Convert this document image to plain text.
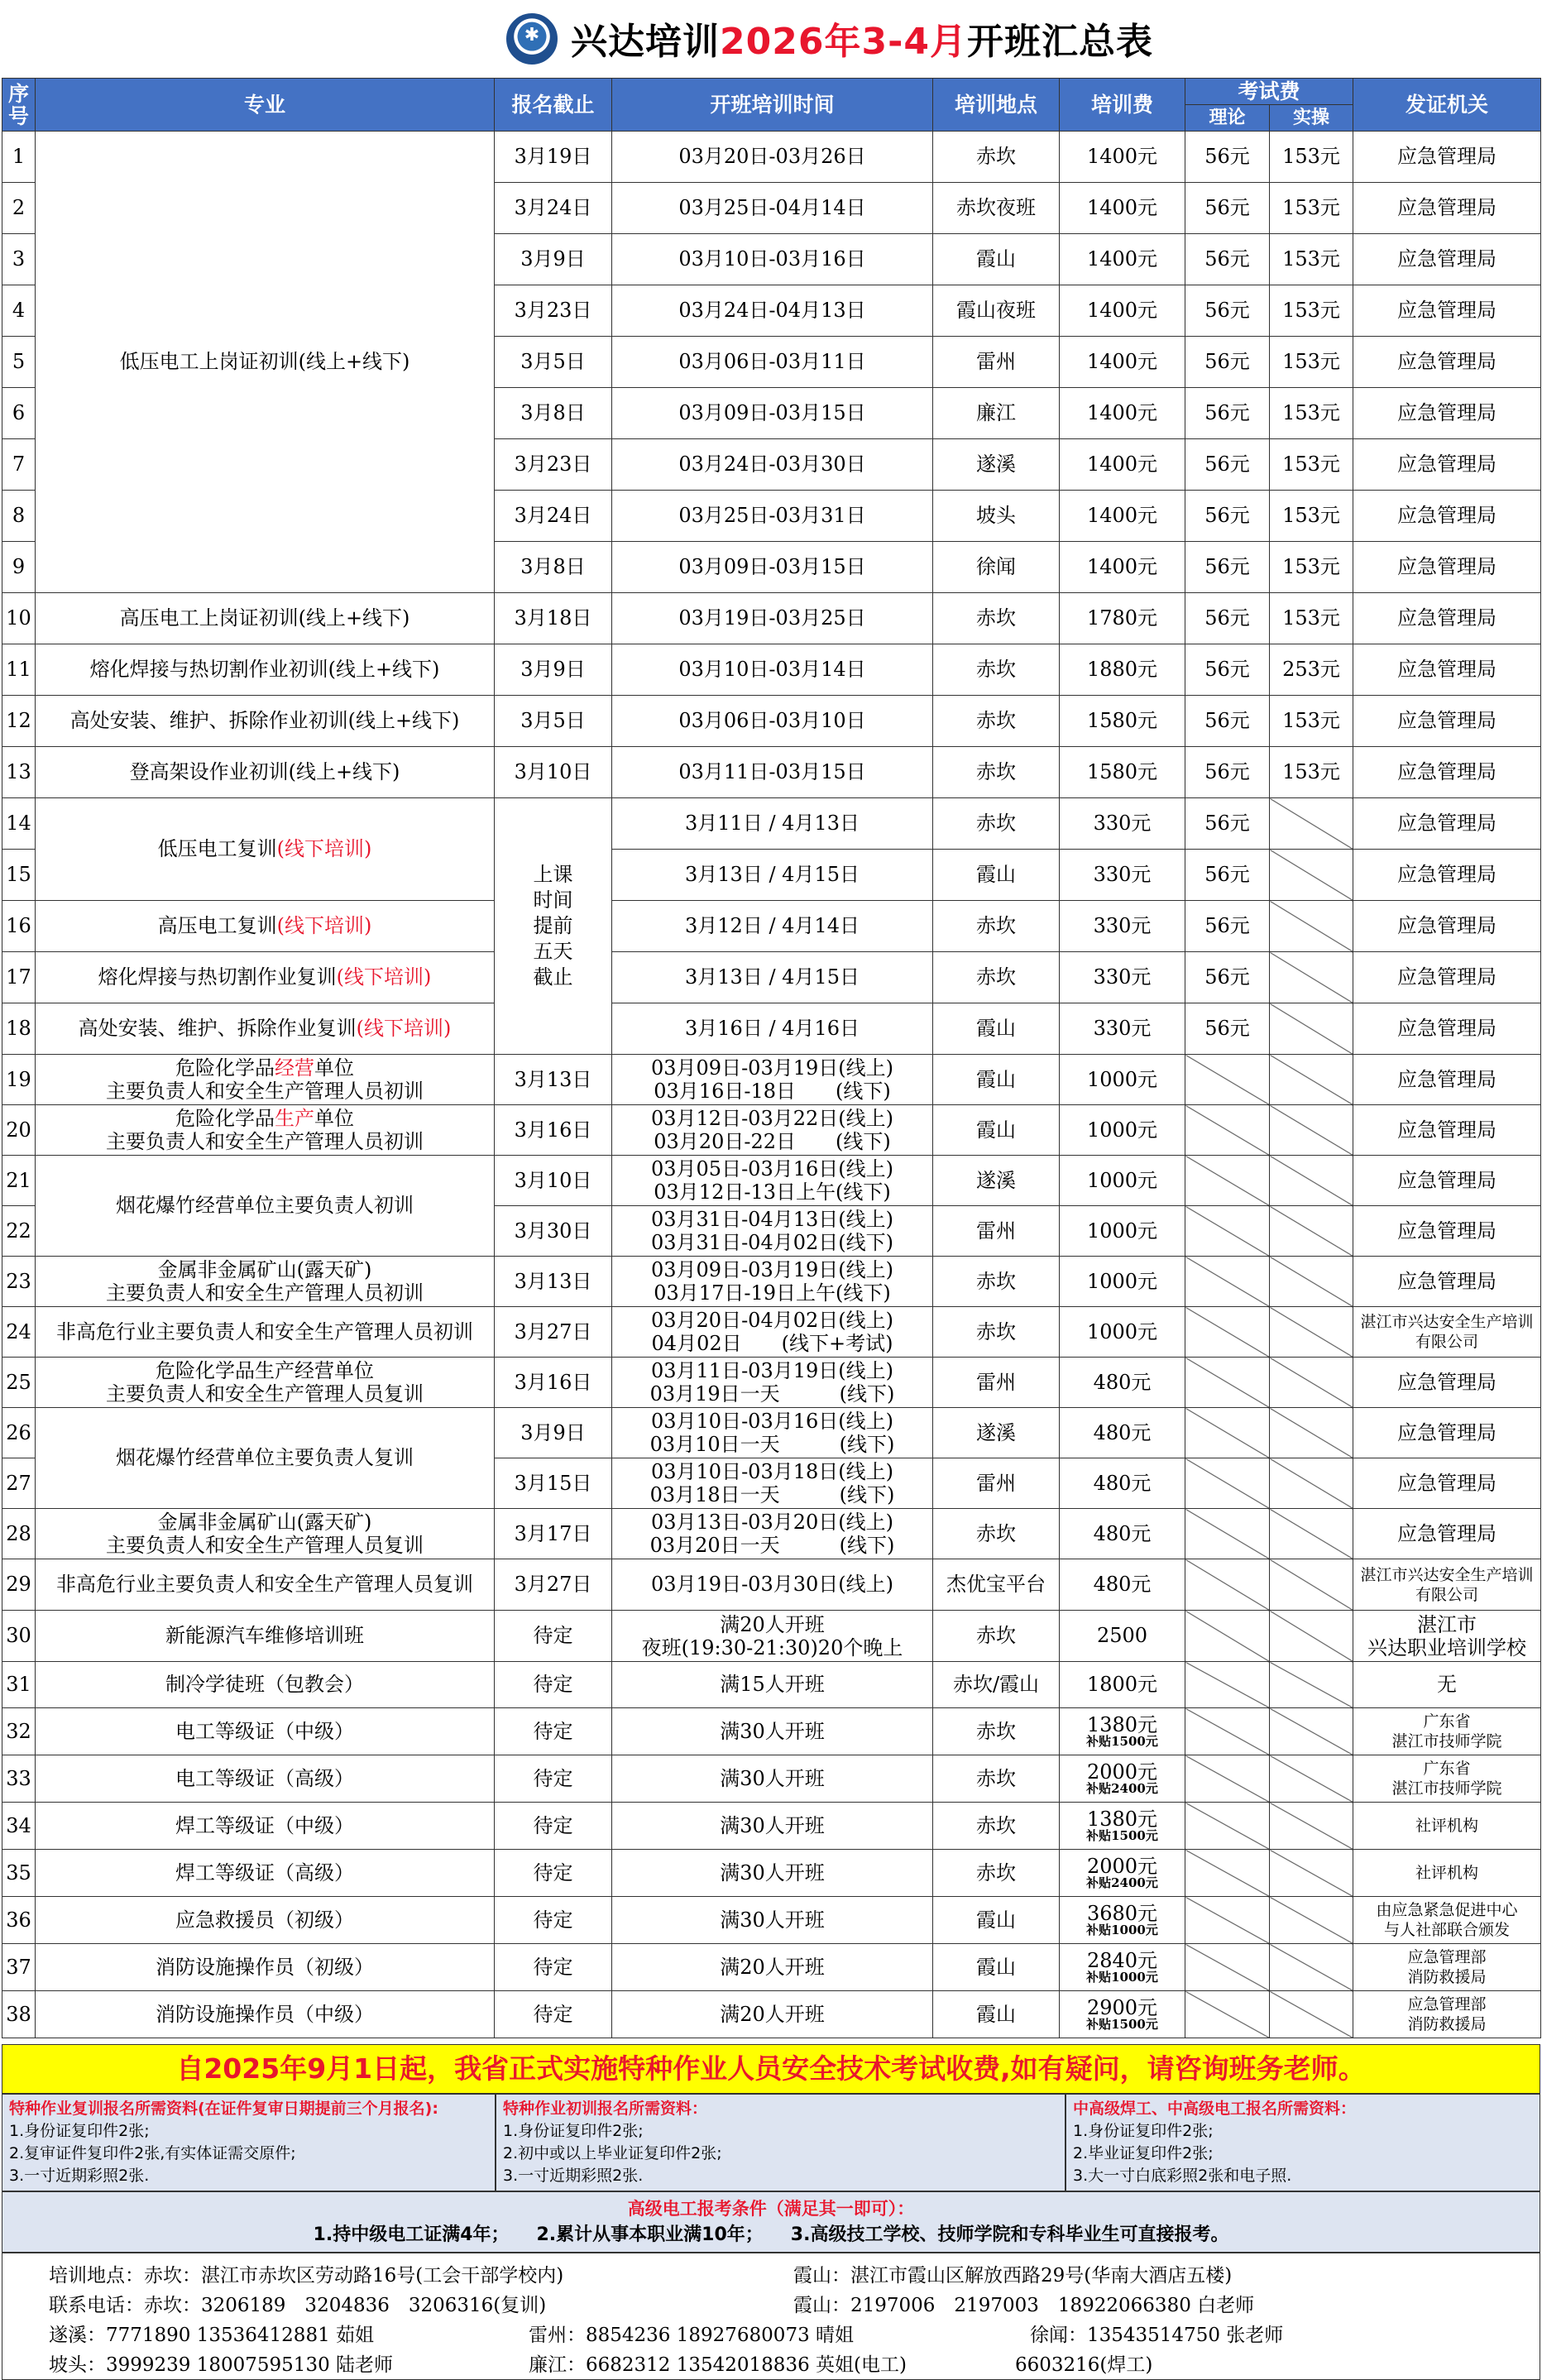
✱
兴达培训2026年3-4月开班汇总表
序号	专业	报名截止	开班培训时间	培训地点	培训费	考试费		发证机关
						理论	实操	
1	低压电工上岗证初训(线上+线下)	3月19日	03月20日-03月26日	赤坎	1400元	56元	153元	应急管理局
2		3月24日	03月25日-04月14日	赤坎夜班	1400元	56元	153元	应急管理局
3		3月9日	03月10日-03月16日	霞山	1400元	56元	153元	应急管理局
4		3月23日	03月24日-04月13日	霞山夜班	1400元	56元	153元	应急管理局
5		3月5日	03月06日-03月11日	雷州	1400元	56元	153元	应急管理局
6		3月8日	03月09日-03月15日	廉江	1400元	56元	153元	应急管理局
7		3月23日	03月24日-03月30日	遂溪	1400元	56元	153元	应急管理局
8		3月24日	03月25日-03月31日	坡头	1400元	56元	153元	应急管理局
9		3月8日	03月09日-03月15日	徐闻	1400元	56元	153元	应急管理局
10	高压电工上岗证初训(线上+线下)	3月18日	03月19日-03月25日	赤坎	1780元	56元	153元	应急管理局
11	熔化焊接与热切割作业初训(线上+线下)	3月9日	03月10日-03月14日	赤坎	1880元	56元	253元	应急管理局
12	高处安装、维护、拆除作业初训(线上+线下)	3月5日	03月06日-03月10日	赤坎	1580元	56元	153元	应急管理局
13	登高架设作业初训(线上+线下)	3月10日	03月11日-03月15日	赤坎	1580元	56元	153元	应急管理局
14	低压电工复训(线下培训)	上课
时间
提前
五天
截止	3月11日 / 4月13日	赤坎	330元	56元		应急管理局
15			3月13日 / 4月15日	霞山	330元	56元		应急管理局
16	高压电工复训(线下培训)		3月12日 / 4月14日	赤坎	330元	56元		应急管理局
17	熔化焊接与热切割作业复训(线下培训)		3月13日 / 4月15日	赤坎	330元	56元		应急管理局
18	高处安装、维护、拆除作业复训(线下培训)		3月16日 / 4月16日	霞山	330元	56元		应急管理局
19	危险化学品经营单位
主要负责人和安全生产管理人员初训	3月13日	03月09日-03月19日(线上)
03月16日-18日　　(线下)	霞山	1000元			应急管理局
20	危险化学品生产单位
主要负责人和安全生产管理人员初训	3月16日	03月12日-03月22日(线上)
03月20日-22日　　(线下)	霞山	1000元			应急管理局
21	烟花爆竹经营单位主要负责人初训	3月10日	03月05日-03月16日(线上)
03月12日-13日上午(线下)	遂溪	1000元			应急管理局
22		3月30日	03月31日-04月13日(线上)
03月31日-04月02日(线下)	雷州	1000元			应急管理局
23	金属非金属矿山(露天矿)
主要负责人和安全生产管理人员初训	3月13日	03月09日-03月19日(线上)
03月17日-19日上午(线下)	赤坎	1000元			应急管理局
24	非高危行业主要负责人和安全生产管理人员初训	3月27日	03月20日-04月02日(线上)
04月02日　　(线下+考试)	赤坎	1000元			湛江市兴达安全生产培训有限公司
25	危险化学品生产经营单位
主要负责人和安全生产管理人员复训	3月16日	03月11日-03月19日(线上)
03月19日一天　　　(线下)	雷州	480元			应急管理局
26	烟花爆竹经营单位主要负责人复训	3月9日	03月10日-03月16日(线上)
03月10日一天　　　(线下)	遂溪	480元			应急管理局
27		3月15日	03月10日-03月18日(线上)
03月18日一天　　　(线下)	雷州	480元			应急管理局
28	金属非金属矿山(露天矿)
主要负责人和安全生产管理人员复训	3月17日	03月13日-03月20日(线上)
03月20日一天　　　(线下)	赤坎	480元			应急管理局
29	非高危行业主要负责人和安全生产管理人员复训	3月27日	03月19日-03月30日(线上)	杰优宝平台	480元			湛江市兴达安全生产培训有限公司
30	新能源汽车维修培训班	待定	满20人开班
夜班(19:30-21:30)20个晚上	赤坎	2500			湛江市
兴达职业培训学校

31	制冷学徒班（包教会）	待定	满15人开班	赤坎/霞山	1800元			无
32	电工等级证（中级）	待定	满30人开班	赤坎	1380元
补贴1500元			广东省
湛江市技师学院

33	电工等级证（高级）	待定	满30人开班	赤坎	2000元
补贴2400元			广东省
湛江市技师学院

34	焊工等级证（中级）	待定	满30人开班	赤坎	1380元
补贴1500元			社评机构
35	焊工等级证（高级）	待定	满30人开班	赤坎	2000元
补贴2400元			社评机构
36	应急救援员（初级）	待定	满30人开班	霞山	3680元
补贴1000元			由应急紧急促进中心
与人社部联合颁发

37	消防设施操作员（初级）	待定	满20人开班	霞山	2840元
补贴1000元			应急管理部
消防救援局

38	消防设施操作员（中级）	待定	满20人开班	霞山	2900元
补贴1500元			应急管理部
消防救援局
自2025年9月1日起，我省正式实施特种作业人员安全技术考试收费,如有疑问，请咨询班务老师。
特种作业复训报名所需资料(在证件复审日期提前三个月报名):
1.身份证复印件2张;
2.复审证件复印件2张,有实体证需交原件;
3.一寸近期彩照2张.
特种作业初训报名所需资料：
1.身份证复印件2张;
2.初中或以上毕业证复印件2张;
3.一寸近期彩照2张.
中高级焊工、中高级电工报名所需资料：
1.身份证复印件2张;
2.毕业证复印件2张;
3.大一寸白底彩照2张和电子照.
高级电工报考条件（满足其一即可）：
1.持中级电工证满4年；　　2.累计从事本职业满10年；　　3.高级技工学校、技师学院和专科毕业生可直接报考。
培训地点：赤坎：湛江市赤坎区劳动路16号(工会干部学校内)	霞山：湛江市霞山区解放西路29号(华南大酒店五楼)
联系电话：赤坎：3206189　3204836　3206316(复训)	霞山：2197006　2197003　18922066380 白老师
遂溪：7771890 13536412881 茹姐	雷州：8854236 18927680073 晴姐	徐闻：13543514750 张老师
坡头：3999239 18007595130 陆老师	廉江：6682312 13542018836 英姐(电工)	6603216(焊工)
